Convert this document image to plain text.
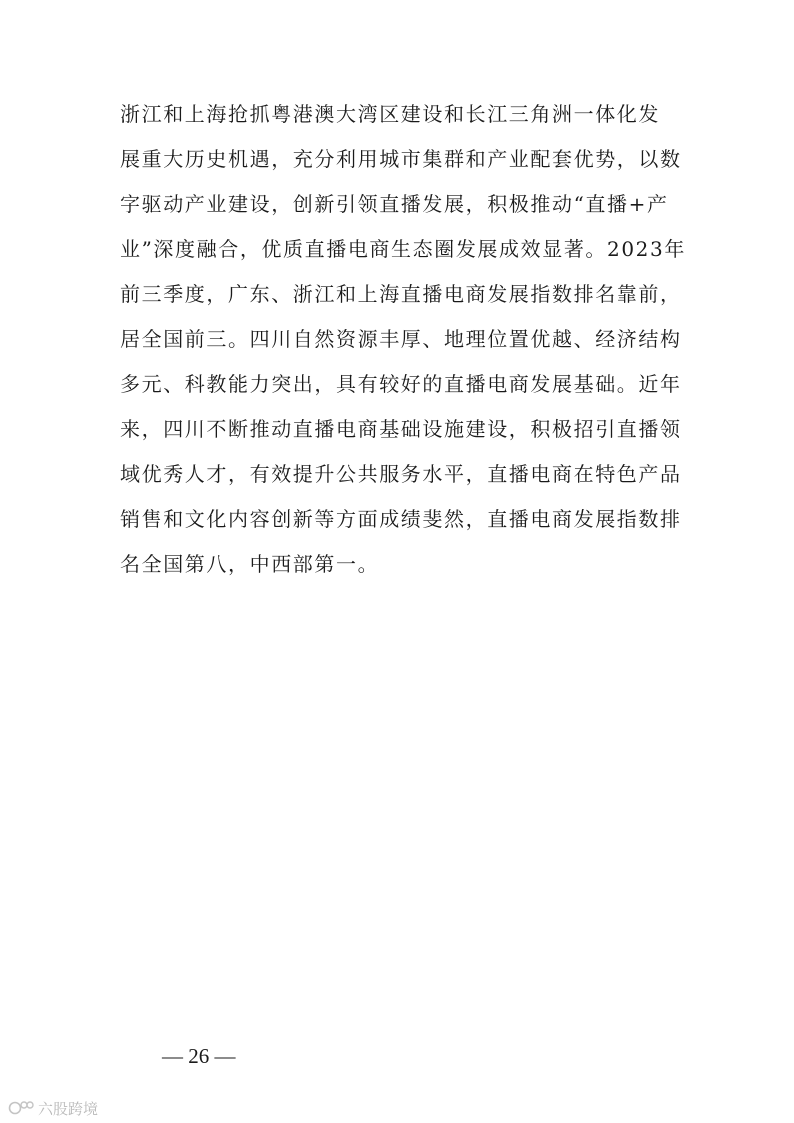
浙江和上海抢抓粤港澳大湾区建设和长江三角洲一体化发
展重大历史机遇，充分利用城市集群和产业配套优势，以数
字驱动产业建设，创新引领直播发展，积极推动“直播+产
业”深度融合，优质直播电商生态圈发展成效显著。2023年
前三季度，广东、浙江和上海直播电商发展指数排名靠前，
居全国前三。四川自然资源丰厚、地理位置优越、经济结构
多元、科教能力突出，具有较好的直播电商发展基础。近年
来，四川不断推动直播电商基础设施建设，积极招引直播领
域优秀人才，有效提升公共服务水平，直播电商在特色产品
销售和文化内容创新等方面成绩斐然，直播电商发展指数排
名全国第八，中西部第一。
— 26 —
六股跨境
